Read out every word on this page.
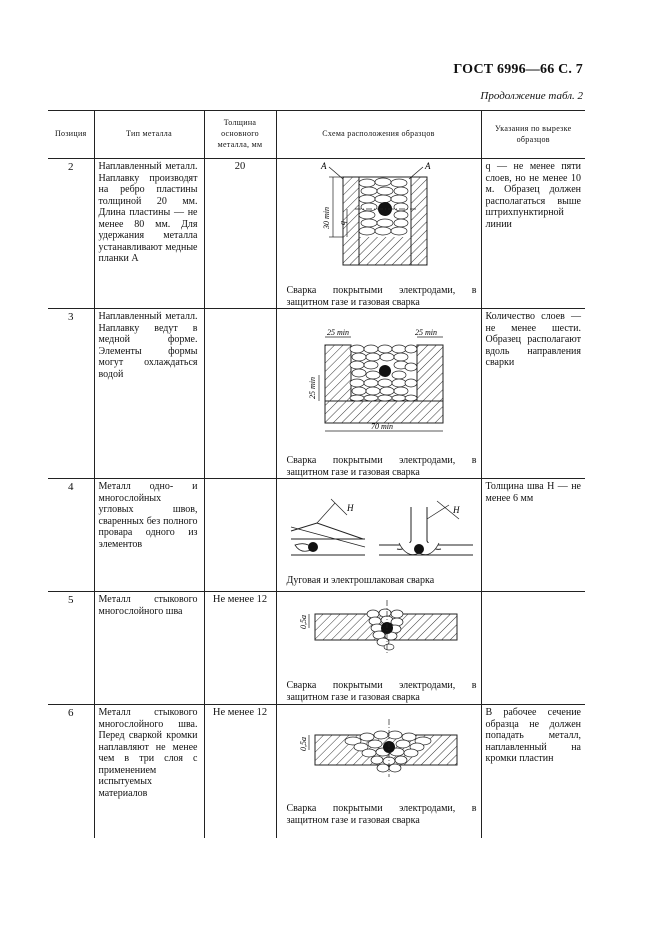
ГОСТ 6996—66 С. 7
Продолжение табл. 2
Позиция	Тип металла	Толщина основного металла, мм	Схема расположения образцов	Указания по вырезке образцов
2	Наплавленный металл. Наплавку производят на ребро пластины толщиной 20 мм. Длина пластины — не менее 80 мм. Для удержания металла устанавливают медные планки А	20	A A
30 min q
Сварка покрытыми электродами, в защитном газе и газовая сварка	q — не менее пяти слоев, но не менее 10 м. Образец должен располагаться выше штрихпунктирной линии
3	Наплавленный металл. Наплавку ведут в медной форме. Элементы формы могут охлаждаться водой		25 min 25 min
25 min
70 min
Сварка покрытыми электродами, в защитном газе и газовая сварка	Количество слоев — не менее шести. Образец располагают вдоль направления сварки
4	Металл одно- и многослойных угловых швов, сваренных без полного провара одного из элементов		H H
Дуговая и электрошлаковая сварка	Толщина шва Н — не менее 6 мм
5	Металл стыкового многослойного шва	Не менее 12	0,5a
Сварка покрытыми электродами, в защитном газе и газовая сварка	

6	Металл стыкового многослойного шва. Перед сваркой кромки наплавляют не менее чем в три слоя с применением испытуемых материалов	Не менее 12	0,5a
Сварка покрытыми электродами, в защитном газе и газовая сварка	В рабочее сечение образца не должен попадать металл, наплавленный на кромки пластин
